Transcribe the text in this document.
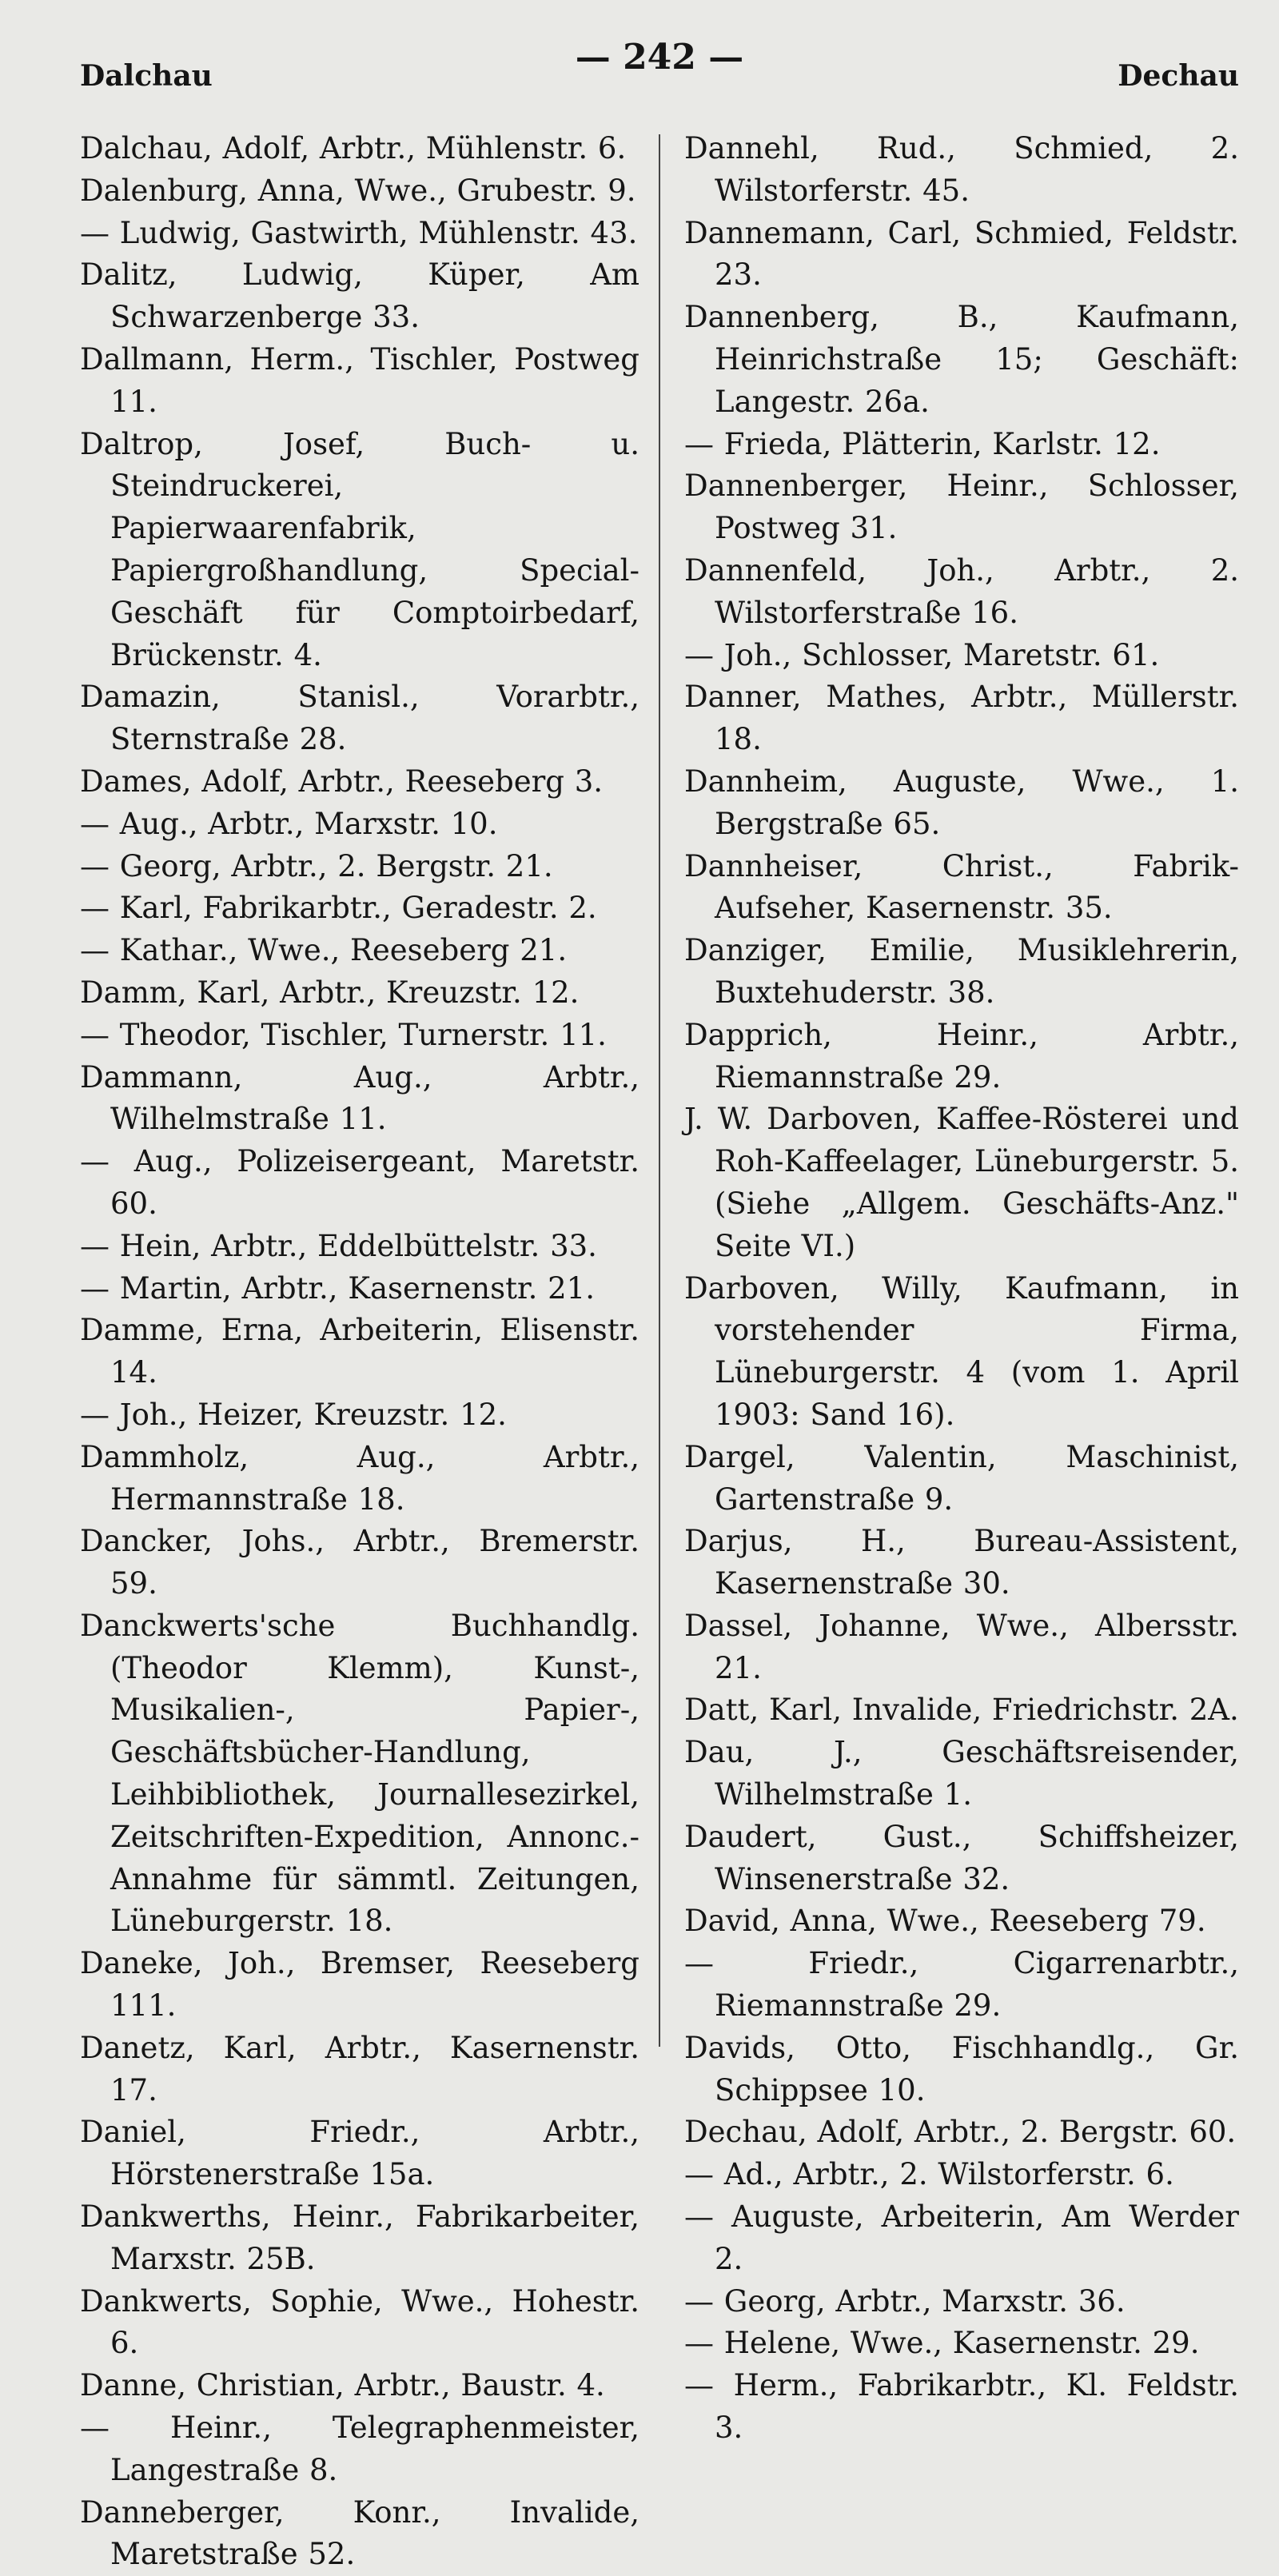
Dalchau	— 242 —	Dechau
Dalchau, Adolf, Arbtr., Mühlenstr. 6.
Dalenburg, Anna, Wwe., Grubestr. 9.
— Ludwig, Gastwirth, Mühlenstr. 43.
Dalitz, Ludwig, Küper, Am Schwarzenberge 33.
Dallmann, Herm., Tischler, Postweg 11.
Daltrop, Josef, Buch- u. Steindruckerei, Papierwaarenfabrik, Papiergroßhandlung, Special-Geschäft für Comptoirbedarf, Brückenstr. 4.
Damazin, Stanisl., Vorarbtr., Sternstraße 28.
Dames, Adolf, Arbtr., Reeseberg 3.
— Aug., Arbtr., Marxstr. 10.
— Georg, Arbtr., 2. Bergstr. 21.
— Karl, Fabrikarbtr., Geradestr. 2.
— Kathar., Wwe., Reeseberg 21.
Damm, Karl, Arbtr., Kreuzstr. 12.
— Theodor, Tischler, Turnerstr. 11.
Dammann, Aug., Arbtr., Wilhelmstraße 11.
— Aug., Polizeisergeant, Maretstr. 60.
— Hein, Arbtr., Eddelbüttelstr. 33.
— Martin, Arbtr., Kasernenstr. 21.
Damme, Erna, Arbeiterin, Elisenstr. 14.
— Joh., Heizer, Kreuzstr. 12.
Dammholz, Aug., Arbtr., Hermannstraße 18.
Dancker, Johs., Arbtr., Bremerstr. 59.
Danckwerts'sche Buchhandlg. (Theodor Klemm), Kunst-, Musikalien-, Papier-, Geschäftsbücher-Handlung, Leihbibliothek, Journallesezirkel, Zeitschriften-Expedition, Annonc.-Annahme für sämmtl. Zeitungen, Lüneburgerstr. 18.
Daneke, Joh., Bremser, Reeseberg 111.
Danetz, Karl, Arbtr., Kasernenstr. 17.
Daniel, Friedr., Arbtr., Hörstenerstraße 15a.
Dankwerths, Heinr., Fabrikarbeiter, Marxstr. 25B.
Dankwerts, Sophie, Wwe., Hohestr. 6.
Danne, Christian, Arbtr., Baustr. 4.
— Heinr., Telegraphenmeister, Langestraße 8.
Danneberger, Konr., Invalide, Maretstraße 52.
Dannehl, Rud., Schmied, 2. Wilstorferstr. 45.
Dannemann, Carl, Schmied, Feldstr. 23.
Dannenberg, B., Kaufmann, Heinrichstraße 15; Geschäft: Langestr. 26a.
— Frieda, Plätterin, Karlstr. 12.
Dannenberger, Heinr., Schlosser, Postweg 31.
Dannenfeld, Joh., Arbtr., 2. Wilstorferstraße 16.
— Joh., Schlosser, Maretstr. 61.
Danner, Mathes, Arbtr., Müllerstr. 18.
Dannheim, Auguste, Wwe., 1. Bergstraße 65.
Dannheiser, Christ., Fabrik-Aufseher, Kasernenstr. 35.
Danziger, Emilie, Musiklehrerin, Buxtehuderstr. 38.
Dapprich, Heinr., Arbtr., Riemannstraße 29.
J. W. Darboven, Kaffee-Rösterei und Roh-Kaffeelager, Lüneburgerstr. 5. (Siehe „Allgem. Geschäfts-Anz." Seite VI.)
Darboven, Willy, Kaufmann, in vorstehender Firma, Lüneburgerstr. 4 (vom 1. April 1903: Sand 16).
Dargel, Valentin, Maschinist, Gartenstraße 9.
Darjus, H., Bureau-Assistent, Kasernenstraße 30.
Dassel, Johanne, Wwe., Albersstr. 21.
Datt, Karl, Invalide, Friedrichstr. 2A.
Dau, J., Geschäftsreisender, Wilhelmstraße 1.
Daudert, Gust., Schiffsheizer, Winsenerstraße 32.
David, Anna, Wwe., Reeseberg 79.
— Friedr., Cigarrenarbtr., Riemannstraße 29.
Davids, Otto, Fischhandlg., Gr. Schippsee 10.
Dechau, Adolf, Arbtr., 2. Bergstr. 60.
— Ad., Arbtr., 2. Wilstorferstr. 6.
— Auguste, Arbeiterin, Am Werder 2.
— Georg, Arbtr., Marxstr. 36.
— Helene, Wwe., Kasernenstr. 29.
— Herm., Fabrikarbtr., Kl. Feldstr. 3.
